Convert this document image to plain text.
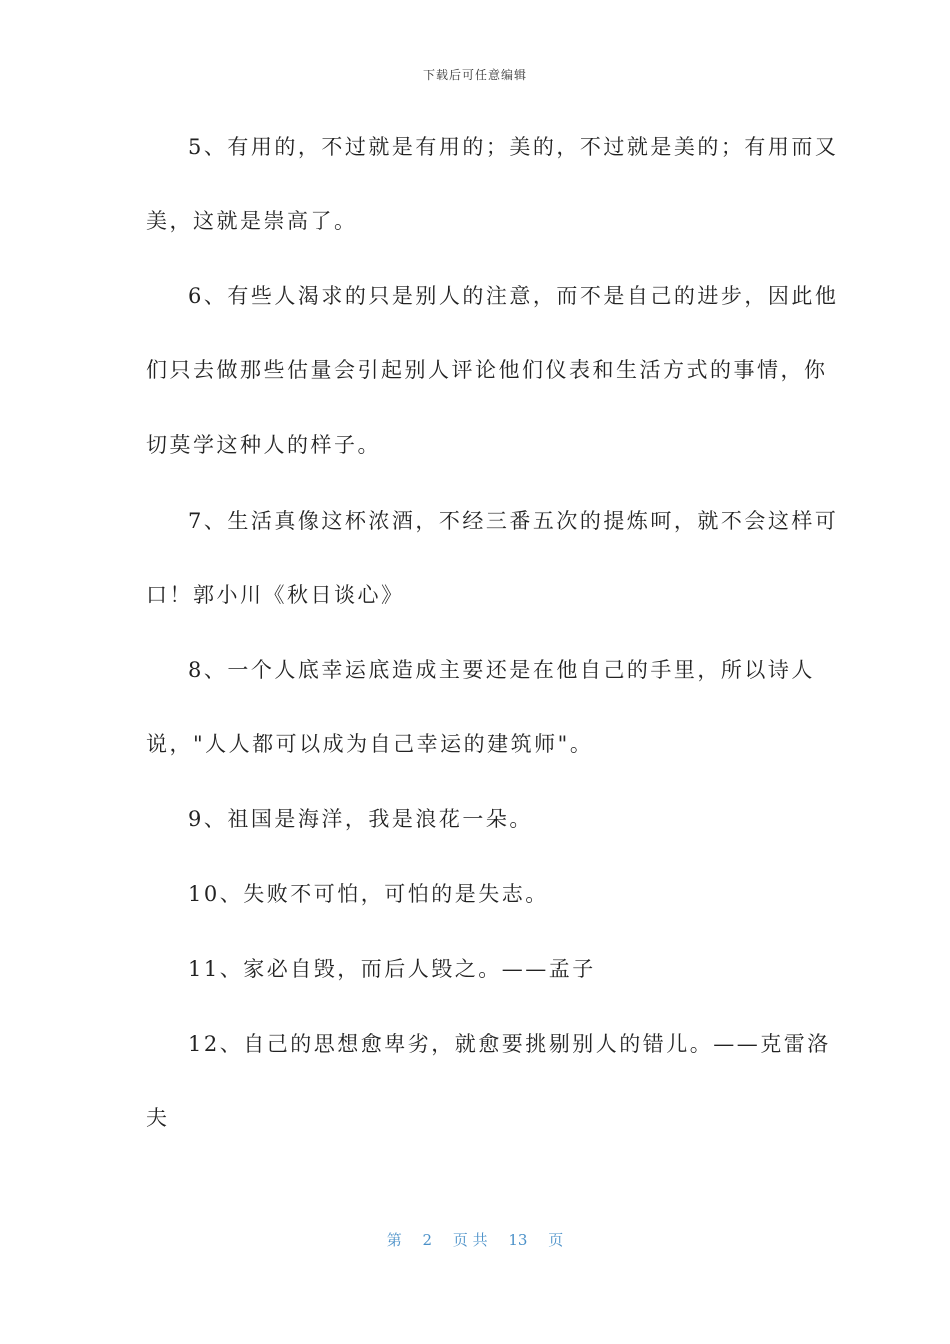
下载后可任意编辑
5、有用的，不过就是有用的；美的，不过就是美的；有用而又
美，这就是崇高了。
6、有些人渴求的只是别人的注意，而不是自己的进步，因此他
们只去做那些估量会引起别人评论他们仪表和生活方式的事情，你
切莫学这种人的样子。
7、生活真像这杯浓酒，不经三番五次的提炼呵，就不会这样可
口！郭小川《秋日谈心》
8、一个人底幸运底造成主要还是在他自己的手里，所以诗人
说，"人人都可以成为自己幸运的建筑师"。
9、祖国是海洋，我是浪花一朵。
10、失败不可怕，可怕的是失志。
11、家必自毁，而后人毁之。——孟子
12、自己的思想愈卑劣，就愈要挑剔别人的错儿。——克雷洛
夫
第 2 页 共 13 页
